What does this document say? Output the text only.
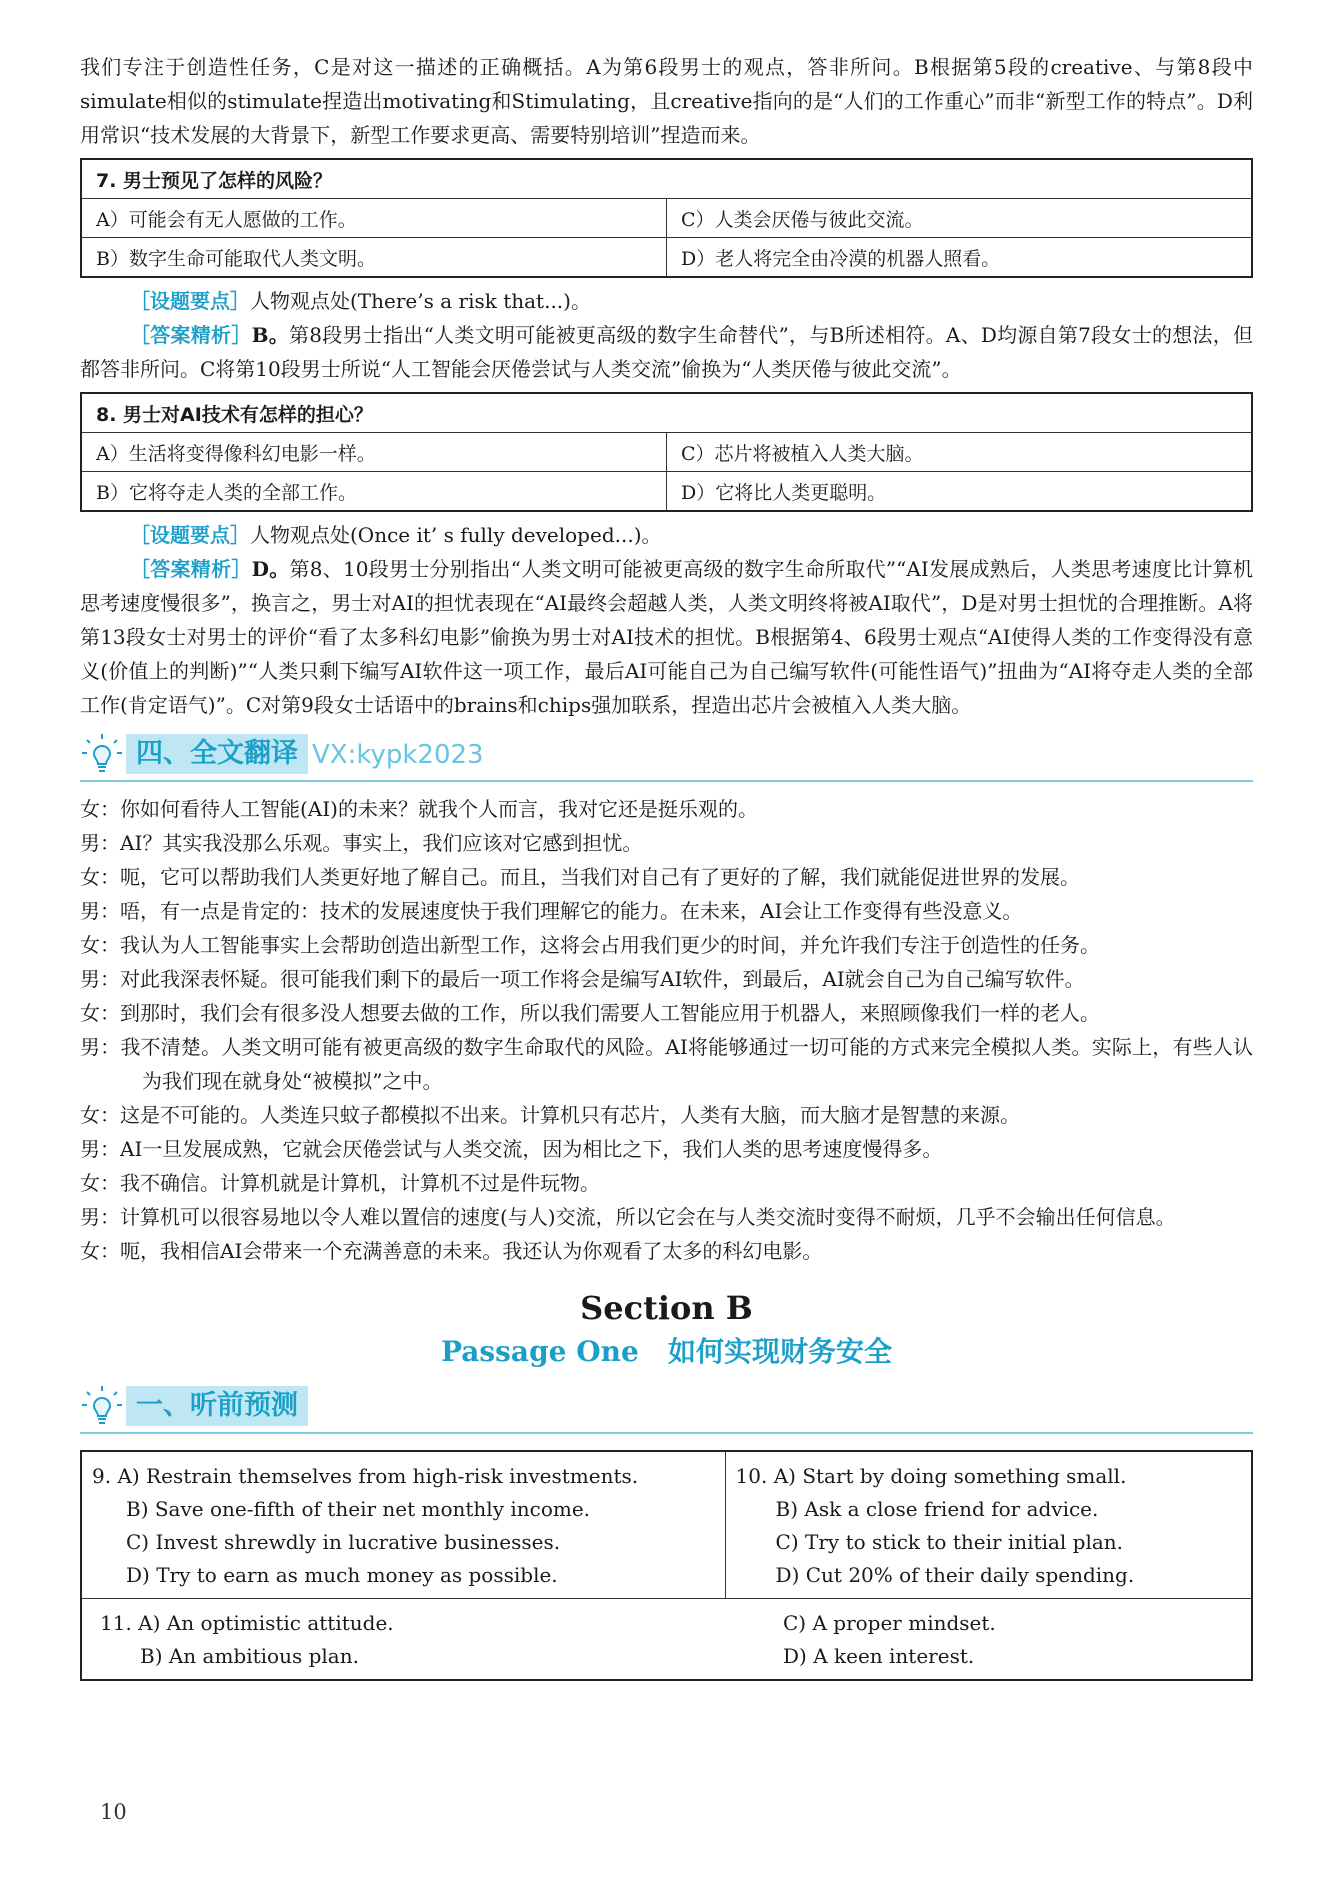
我们专注于创造性任务，C是对这一描述的正确概括。A为第6段男士的观点，答非所问。B根据第5段的creative、与第8段中simulate相似的stimulate捏造出motivating和Stimulating，且creative指向的是“人们的工作重心”而非“新型工作的特点”。D利用常识“技术发展的大背景下，新型工作要求更高、需要特别培训”捏造而来。

7. 男士预见了怎样的风险？	
A）可能会有无人愿做的工作。	C）人类会厌倦与彼此交流。
B）数字生命可能取代人类文明。	D）老人将完全由冷漠的机器人照看。

［设题要点］人物观点处(There’s a risk that...)。

［答案精析］B。第8段男士指出“人类文明可能被更高级的数字生命替代”，与B所述相符。A、D均源自第7段女士的想法，但都答非所问。C将第10段男士所说“人工智能会厌倦尝试与人类交流”偷换为“人类厌倦与彼此交流”。

8. 男士对AI技术有怎样的担心？	
A）生活将变得像科幻电影一样。	C）芯片将被植入人类大脑。
B）它将夺走人类的全部工作。	D）它将比人类更聪明。

［设题要点］人物观点处(Once it’ s fully developed...)。

［答案精析］D。第8、10段男士分别指出“人类文明可能被更高级的数字生命所取代”“AI发展成熟后，人类思考速度比计算机思考速度慢很多”，换言之，男士对AI的担忧表现在“AI最终会超越人类，人类文明终将被AI取代”，D是对男士担忧的合理推断。A将第13段女士对男士的评价“看了太多科幻电影”偷换为男士对AI技术的担忧。B根据第4、6段男士观点“AI使得人类的工作变得没有意义(价值上的判断)”“人类只剩下编写AI软件这一项工作，最后AI可能自己为自己编写软件(可能性语气)”扭曲为“AI将夺走人类的全部工作(肯定语气)”。C对第9段女士话语中的brains和chips强加联系，捏造出芯片会被植入人类大脑。

四、全文翻译 VX:kypk2023

女：你如何看待人工智能(AI)的未来？就我个人而言，我对它还是挺乐观的。

男：AI？其实我没那么乐观。事实上，我们应该对它感到担忧。

女：呃，它可以帮助我们人类更好地了解自己。而且，当我们对自己有了更好的了解，我们就能促进世界的发展。

男：唔，有一点是肯定的：技术的发展速度快于我们理解它的能力。在未来，AI会让工作变得有些没意义。

女：我认为人工智能事实上会帮助创造出新型工作，这将会占用我们更少的时间，并允许我们专注于创造性的任务。

男：对此我深表怀疑。很可能我们剩下的最后一项工作将会是编写AI软件，到最后，AI就会自己为自己编写软件。

女：到那时，我们会有很多没人想要去做的工作，所以我们需要人工智能应用于机器人，来照顾像我们一样的老人。

男：我不清楚。人类文明可能有被更高级的数字生命取代的风险。AI将能够通过一切可能的方式来完全模拟人类。实际上，有些人认为我们现在就身处“被模拟”之中。

女：这是不可能的。人类连只蚊子都模拟不出来。计算机只有芯片，人类有大脑，而大脑才是智慧的来源。

男：AI一旦发展成熟，它就会厌倦尝试与人类交流，因为相比之下，我们人类的思考速度慢得多。

女：我不确信。计算机就是计算机，计算机不过是件玩物。

男：计算机可以很容易地以令人难以置信的速度(与人)交流，所以它会在与人类交流时变得不耐烦，几乎不会输出任何信息。

女：呃，我相信AI会带来一个充满善意的未来。我还认为你观看了太多的科幻电影。

Section B
Passage One 如何实现财务安全
一、听前预测
9. A) Restrain themselves from high-risk investments.
B) Save one-fifth of their net monthly income.
C) Invest shrewdly in lucrative businesses.
D) Try to earn as much money as possible.

10. A) Start by doing something small.
B) Ask a close friend for advice.
C) Try to stick to their initial plan.
D) Cut 20% of their daily spending.

11. A) An optimistic attitude.
B) An ambitious plan.
C) A proper mindset.
D) A keen interest.
10
